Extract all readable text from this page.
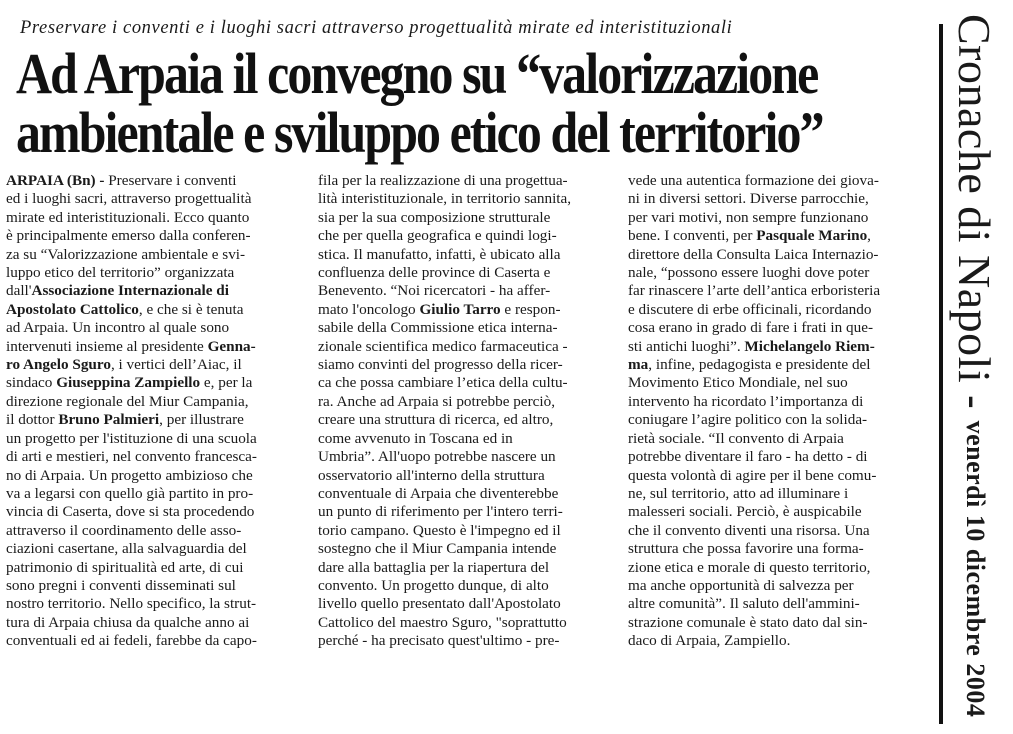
Preservare i conventi e i luoghi sacri attraverso progettualità mirate ed interistituzionali
Ad Arpaia il convegno su “valorizzazione
ambientale e sviluppo etico del territorio”
ARPAIA (Bn) - Preservare i conventi
ed i luoghi sacri, attraverso progettualità
mirate ed interistituzionali. Ecco quanto
è principalmente emerso dalla conferen-
za su “Valorizzazione ambientale e svi-
luppo etico del territorio” organizzata
dall'Associazione Internazionale di
Apostolato Cattolico, e che si è tenuta
ad Arpaia. Un incontro al quale sono
intervenuti insieme al presidente Genna-
ro Angelo Sguro, i vertici dell’Aiac, il
sindaco Giuseppina Zampiello e, per la
direzione regionale del Miur Campania,
il dottor Bruno Palmieri, per illustrare
un progetto per l'istituzione di una scuola
di arti e mestieri, nel convento francesca-
no di Arpaia. Un progetto ambizioso che
va a legarsi con quello già partito in pro-
vincia di Caserta, dove si sta procedendo
attraverso il coordinamento delle asso-
ciazioni casertane, alla salvaguardia del
patrimonio di spiritualità ed arte, di cui
sono pregni i conventi disseminati sul
nostro territorio. Nello specifico, la strut-
tura di Arpaia chiusa da qualche anno ai
conventuali ed ai fedeli, farebbe da capo-
fila per la realizzazione di una progettua-
lità interistituzionale, in territorio sannita,
sia per la sua composizione strutturale
che per quella geografica e quindi logi-
stica. Il manufatto, infatti, è ubicato alla
confluenza delle province di Caserta e
Benevento. “Noi ricercatori - ha affer-
mato l'oncologo Giulio Tarro e respon-
sabile della Commissione etica interna-
zionale scientifica medico farmaceutica -
siamo convinti del progresso della ricer-
ca che possa cambiare l’etica della cultu-
ra. Anche ad Arpaia si potrebbe perciò,
creare una struttura di ricerca, ed altro,
come avvenuto in Toscana ed in
Umbria”. All'uopo potrebbe nascere un
osservatorio all'interno della struttura
conventuale di Arpaia che diventerebbe
un punto di riferimento per l'intero terri-
torio campano. Questo è l'impegno ed il
sostegno che il Miur Campania intende
dare alla battaglia per la riapertura del
convento. Un progetto dunque, di alto
livello quello presentato dall'Apostolato
Cattolico del maestro Sguro, "soprattutto
perché - ha precisato quest'ultimo - pre-
vede una autentica formazione dei giova-
ni in diversi settori. Diverse parrocchie,
per vari motivi, non sempre funzionano
bene. I conventi, per Pasquale Marino,
direttore della Consulta Laica Internazio-
nale, “possono essere luoghi dove poter
far rinascere l’arte dell’antica erboristeria
e discutere di erbe officinali, ricordando
cosa erano in grado di fare i frati in que-
sti antichi luoghi”. Michelangelo Riem-
ma, infine, pedagogista e presidente del
Movimento Etico Mondiale, nel suo
intervento ha ricordato l’importanza di
coniugare l’agire politico con la solida-
rietà sociale. “Il convento di Arpaia
potrebbe diventare il faro - ha detto - di
questa volontà di agire per il bene comu-
ne, sul territorio, atto ad illuminare i
malesseri sociali. Perciò, è auspicabile
che il convento diventi una risorsa. Una
struttura che possa favorire una forma-
zione etica e morale di questo territorio,
ma anche opportunità di salvezza per
altre comunità”. Il saluto dell'ammini-
strazione comunale è stato dato dal sin-
daco di Arpaia, Zampiello.
Cronache di Napoli
-
venerdì 10 dicembre 2004
